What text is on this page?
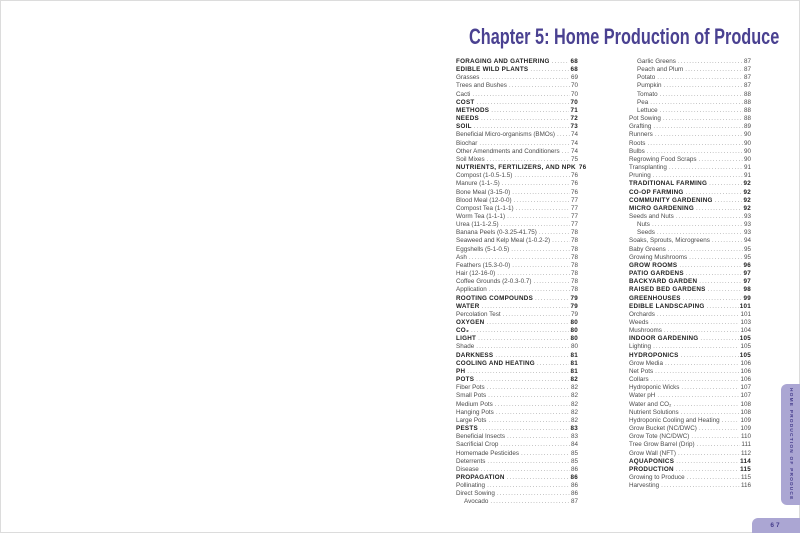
Chapter 5: Home Production of Produce
FORAGING AND GATHERING .....	68
EDIBLE WILD PLANTS .....	68
Grasses .....	69
Trees and Bushes .....	70
Cacti .....	70
COST .....	70
METHODS .....	71
NEEDS .....	72
SOIL .....	73
Beneficial Micro-organisms (BMOs) .....	74
Biochar .....	74
Other Amendments and Conditioners ..... 74
Soil Mixes .....	75
NUTRIENTS, FERTILIZERS, AND NPK 76
Compost (1-0.5-1.5) .....	76
Manure (1-1-.5) .....	76
Bone Meal (3-15-0) .....	76
Blood Meal (12-0-0) .....	77
Compost Tea (1-1-1) .....	77
Worm Tea (1-1-1) .....	77
Urea (11-1-2.5) .....	77
Banana Peels (0-3.25-41.75) .....	78
Seaweed and Kelp Meal (1-0.2-2) .....	78
Eggshells (5-1-0.5) .....	78
Ash .....	78
Feathers (15.3-0-0) .....	78
Hair (12-16-0) .....	78
Coffee Grounds (2-0.3-0.7) .....	78
Application .....	78
ROOTING COMPOUNDS .....	79
WATER .....	79
Percolation Test .....	79
OXYGEN .....	80
CO₂ .....	80
LIGHT .....	80
Shade .....	80
DARKNESS .....	81
COOLING AND HEATING .....	81
PH .....	81
POTS .....	82
Fiber Pots .....	82
Small Pots .....	82
Medium Pots .....	82
Hanging Pots .....	82
Large Pots .....	82
PESTS .....	83
Beneficial Insects .....	83
Sacrificial Crop .....	84
Homemade Pesticides .....	85
Deterrents .....	85
Disease .....	86
PROPAGATION .....	86
Pollinating .....	86
Direct Sowing .....	86
Avocado .....	87
Garlic Greens .....	87
Peach and Plum .....	87
Potato .....	87
Pumpkin .....	87
Tomato .....	88
Pea .....	88
Lettuce .....	88
Pot Sowing .....	88
Grafting .....	89
Runners .....	90
Roots .....	90
Bulbs .....	90
Regrowing Food Scraps .....	90
Transplanting .....	91
Pruning .....	91
TRADITIONAL FARMING .....	92
CO-OP FARMING .....	92
COMMUNITY GARDENING .....	92
MICRO GARDENING .....	92
Seeds and Nuts .....	93
Nuts .....	93
Seeds .....	93
Soaks, Sprouts, Microgreens .....	94
Baby Greens .....	95
Growing Mushrooms .....	95
GROW ROOMS .....	96
PATIO GARDENS .....	97
BACKYARD GARDEN .....	97
RAISED BED GARDENS .....	98
GREENHOUSES .....	99
EDIBLE LANDSCAPING .....	101
Orchards .....	101
Weeds .....	103
Mushrooms .....	104
INDOOR GARDENING .....	105
Lighting .....	105
HYDROPONICS .....	105
Grow Media .....	106
Net Pots .....	106
Collars .....	106
Hydroponic Wicks .....	107
Water pH .....	107
Water and CO₂ .....	108
Nutrient Solutions .....	108
Hydroponic Cooling and Heating .....	109
Grow Bucket (NC/DWC) .....	109
Grow Tote (NC/DWC) .....	110
Tree Grow Barrel (Drip) .....	111
Grow Wall (NFT) .....	112
AQUAPONICS .....	114
PRODUCTION .....	115
Growing to Produce .....	115
Harvesting .....	116	HOME PRODUCTION OF PRODUCE
67
